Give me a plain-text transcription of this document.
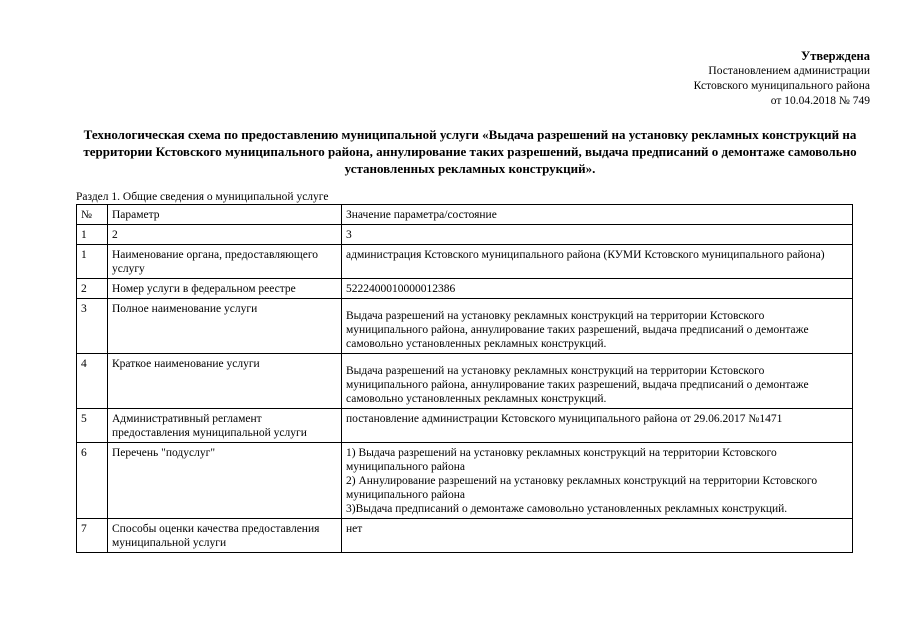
Утверждена
Постановлением администрации
Кстовского муниципального района
от 10.04.2018 № 749
Технологическая схема по предоставлению муниципальной услуги «Выдача разрешений на установку рекламных конструкций на территории Кстовского муниципального района, аннулирование таких разрешений, выдача предписаний о демонтаже самовольно установленных рекламных конструкций».
Раздел 1. Общие сведения о муниципальной услуге
№	Параметр	Значение параметра/состояние
1	2	3
1	Наименование органа, предоставляющего услугу	администрация Кстовского муниципального района (КУМИ Кстовского муниципального района)
2	Номер услуги в федеральном реестре	5222400010000012386
3	Полное наименование услуги	Выдача разрешений на установку рекламных конструкций на территории Кстовского муниципального района, аннулирование таких разрешений, выдача предписаний о демонтаже самовольно установленных рекламных конструкций.
4	Краткое наименование услуги	Выдача разрешений на установку рекламных конструкций на территории Кстовского муниципального района, аннулирование таких разрешений, выдача предписаний о демонтаже самовольно установленных рекламных конструкций.
5	Административный регламент предоставления муниципальной услуги	постановление администрации Кстовского муниципального района от 29.06.2017 №1471
6	Перечень "подуслуг"	1) Выдача разрешений на установку рекламных конструкций на территории Кстовского муниципального района
2) Аннулирование разрешений на установку рекламных конструкций на территории Кстовского муниципального района
3)Выдача предписаний о демонтаже самовольно установленных рекламных конструкций.
7	Способы оценки качества предоставления муниципальной услуги	нет
